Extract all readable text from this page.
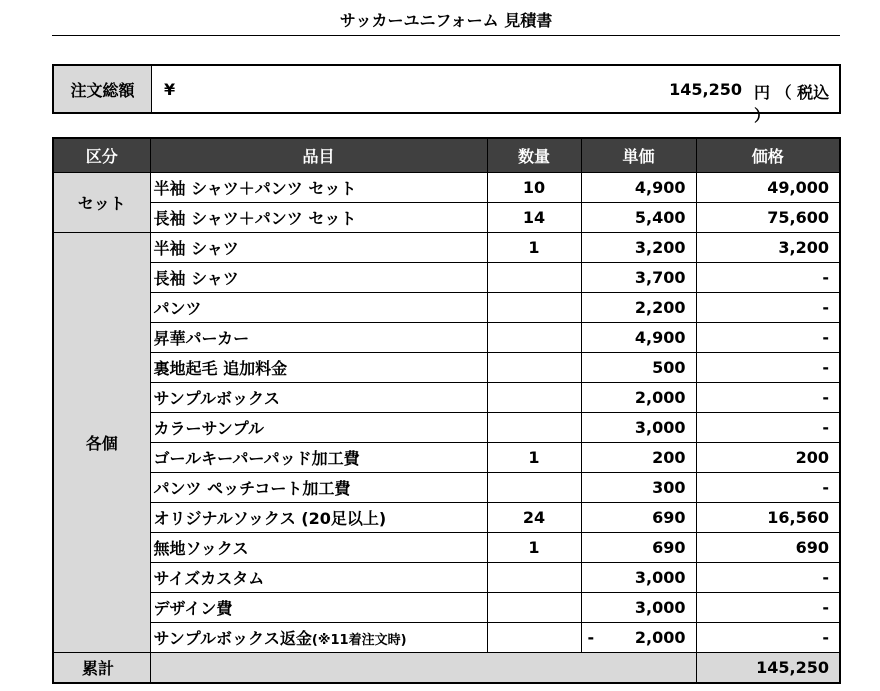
サッカーユニフォーム 見積書
注文総額	¥	145,250 円 （ 税込 ）
区分	品目	数量	単価	価格
セット	半袖 シャツ＋パンツ セット	10	4,900	49,000
	長袖 シャツ＋パンツ セット	14	5,400	75,600
各個	半袖 シャツ	1	3,200	3,200
	長袖 シャツ		3,700	-
	パンツ		2,200	-
	昇華パーカー		4,900	-
	裏地起毛 追加料金		500	-
	サンプルボックス		2,000	-
	カラーサンプル		3,000	-
	ゴールキーパーパッド加工費	1	200	200
	パンツ ペッチコート加工費		300	-
	オリジナルソックス (20足以上)	24	690	16,560
	無地ソックス	1	690	690
	サイズカスタム		3,000	-
	デザイン費		3,000	-
	サンプルボックス返金(※11着注文時)		- 2,000	-
累計				145,250
